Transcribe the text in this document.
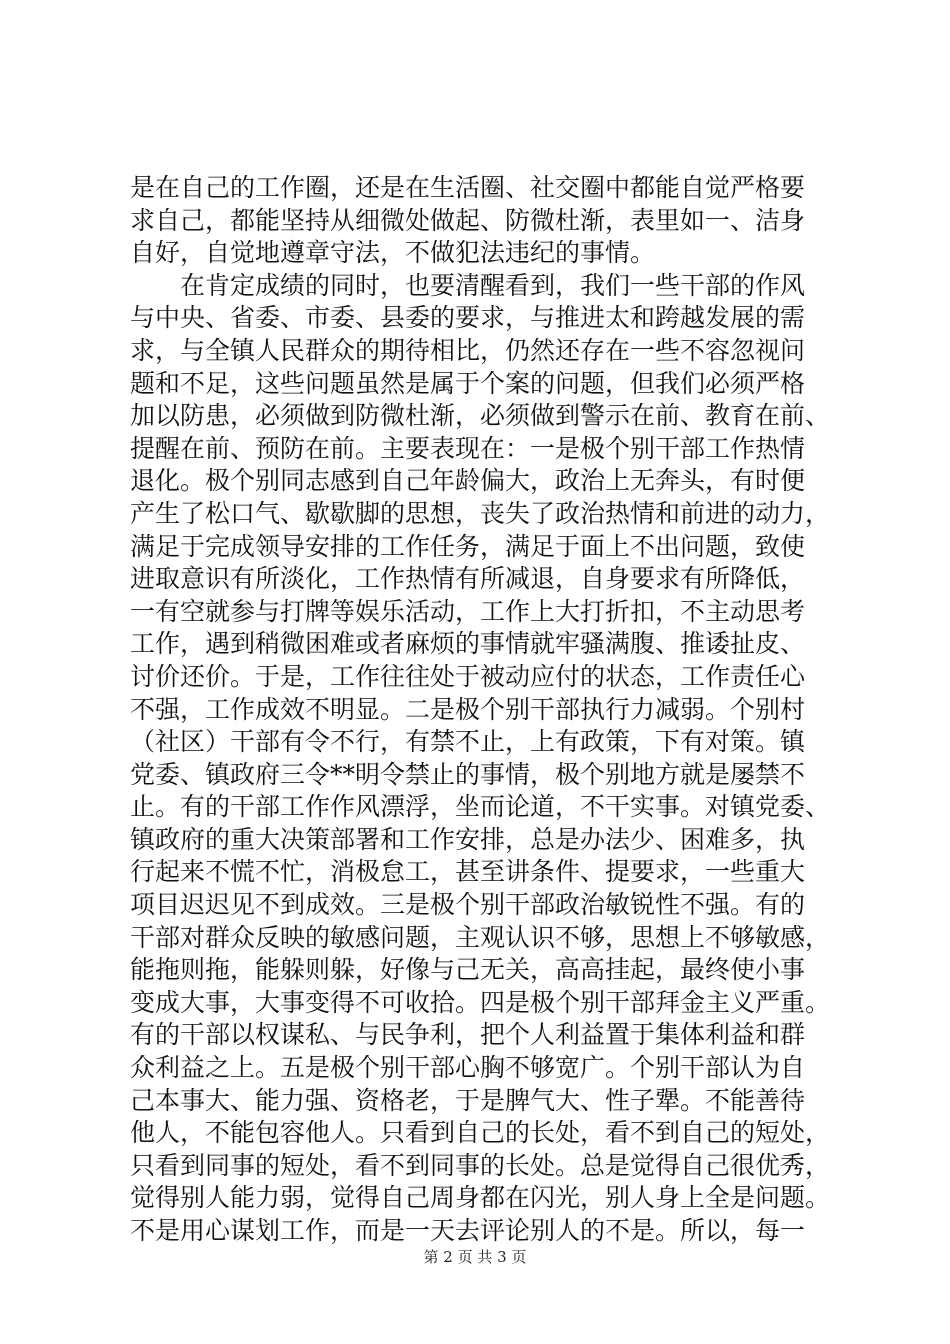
是在自己的工作圈，还是在生活圈、社交圈中都能自觉严格要
求自己，都能坚持从细微处做起、防微杜渐，表里如一、洁身
自好，自觉地遵章守法，不做犯法违纪的事情。
　　在肯定成绩的同时，也要清醒看到，我们一些干部的作风
与中央、省委、市委、县委的要求，与推进太和跨越发展的需
求，与全镇人民群众的期待相比，仍然还存在一些不容忽视问
题和不足，这些问题虽然是属于个案的问题，但我们必须严格
加以防患，必须做到防微杜渐，必须做到警示在前、教育在前、
提醒在前、预防在前。主要表现在：一是极个别干部工作热情
退化。极个别同志感到自己年龄偏大，政治上无奔头，有时便
产生了松口气、歇歇脚的思想，丧失了政治热情和前进的动力，
满足于完成领导安排的工作任务，满足于面上不出问题，致使
进取意识有所淡化，工作热情有所减退，自身要求有所降低，
一有空就参与打牌等娱乐活动，工作上大打折扣，不主动思考
工作，遇到稍微困难或者麻烦的事情就牢骚满腹、推诿扯皮、
讨价还价。于是，工作往往处于被动应付的状态，工作责任心
不强，工作成效不明显。二是极个别干部执行力减弱。个别村
（社区）干部有令不行，有禁不止，上有政策，下有对策。镇
党委、镇政府三令**明令禁止的事情，极个别地方就是屡禁不
止。有的干部工作作风漂浮，坐而论道，不干实事。对镇党委、
镇政府的重大决策部署和工作安排，总是办法少、困难多，执
行起来不慌不忙，消极怠工，甚至讲条件、提要求，一些重大
项目迟迟见不到成效。三是极个别干部政治敏锐性不强。有的
干部对群众反映的敏感问题，主观认识不够，思想上不够敏感，
能拖则拖，能躲则躲，好像与己无关，高高挂起，最终使小事
变成大事，大事变得不可收拾。四是极个别干部拜金主义严重。
有的干部以权谋私、与民争利，把个人利益置于集体利益和群
众利益之上。五是极个别干部心胸不够宽广。个别干部认为自
己本事大、能力强、资格老，于是脾气大、性子犟。不能善待
他人，不能包容他人。只看到自己的长处，看不到自己的短处，
只看到同事的短处，看不到同事的长处。总是觉得自己很优秀，
觉得别人能力弱，觉得自己周身都在闪光，别人身上全是问题。
不是用心谋划工作，而是一天去评论别人的不是。所以，每一
第 2 页 共 3 页
